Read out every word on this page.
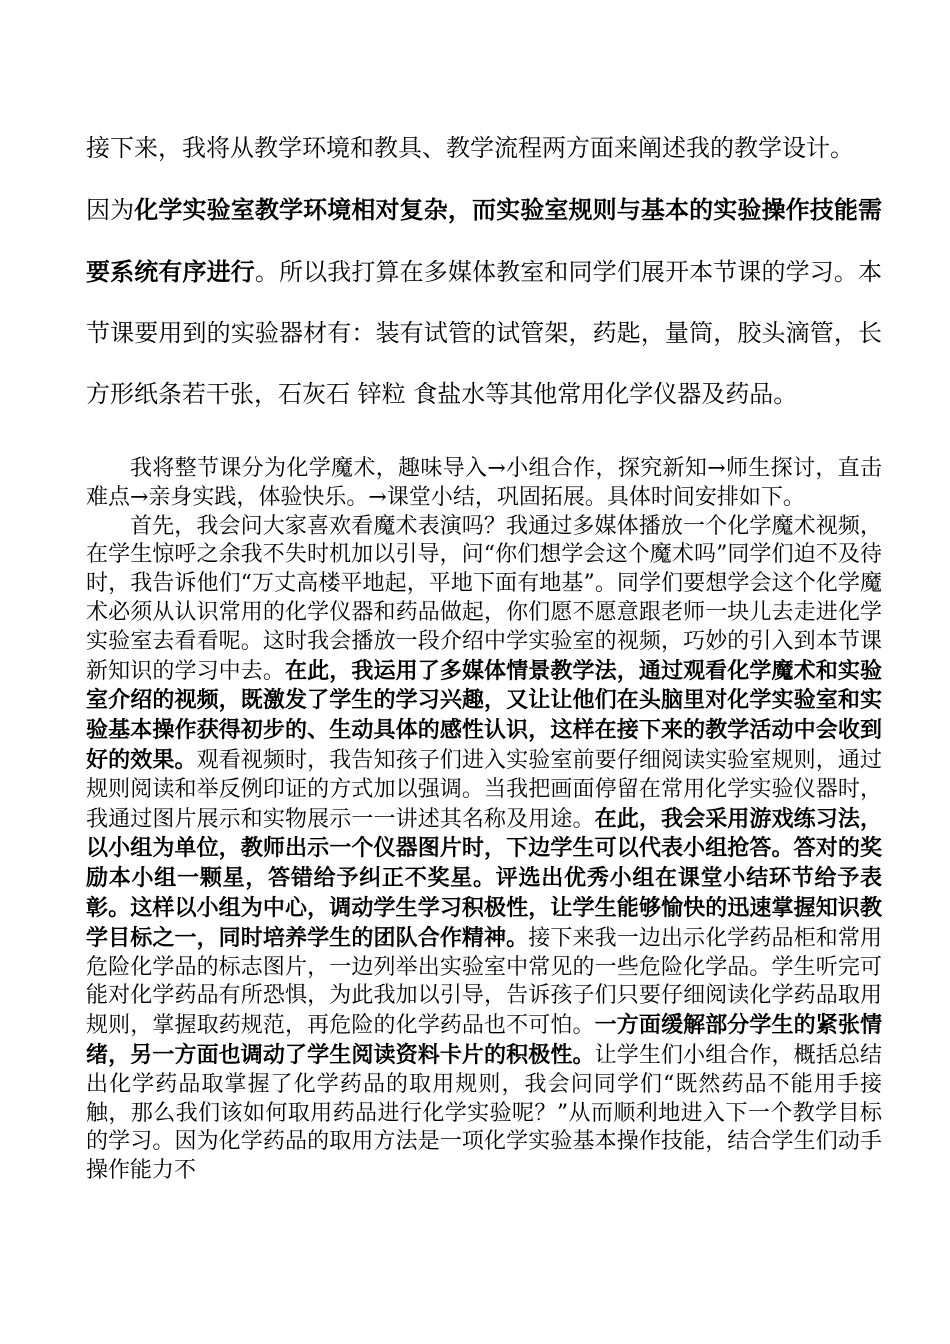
接下来，我将从教学环境和教具、教学流程两方面来阐述我的教学设计。

因为化学实验室教学环境相对复杂，而实验室规则与基本的实验操作技能需要系统有序进行。所以我打算在多媒体教室和同学们展开本节课的学习。本节课要用到的实验器材有：装有试管的试管架，药匙，量筒，胶头滴管，长方形纸条若干张，石灰石 锌粒 食盐水等其他常用化学仪器及药品。

我将整节课分为化学魔术，趣味导入→小组合作，探究新知→师生探讨，直击难点→亲身实践，体验快乐。→课堂小结，巩固拓展。具体时间安排如下。

首先，我会问大家喜欢看魔术表演吗？我通过多媒体播放一个化学魔术视频，在学生惊呼之余我不失时机加以引导，问“你们想学会这个魔术吗”同学们迫不及待时，我告诉他们“万丈高楼平地起，平地下面有地基”。同学们要想学会这个化学魔术必须从认识常用的化学仪器和药品做起，你们愿不愿意跟老师一块儿去走进化学实验室去看看呢。这时我会播放一段介绍中学实验室的视频，巧妙的引入到本节课新知识的学习中去。在此，我运用了多媒体情景教学法，通过观看化学魔术和实验室介绍的视频，既激发了学生的学习兴趣，又让让他们在头脑里对化学实验室和实验基本操作获得初步的、生动具体的感性认识，这样在接下来的教学活动中会收到好的效果。观看视频时，我告知孩子们进入实验室前要仔细阅读实验室规则，通过规则阅读和举反例印证的方式加以强调。当我把画面停留在常用化学实验仪器时，我通过图片展示和实物展示一一讲述其名称及用途。在此，我会采用游戏练习法，以小组为单位，教师出示一个仪器图片时，下边学生可以代表小组抢答。答对的奖励本小组一颗星，答错给予纠正不奖星。评选出优秀小组在课堂小结环节给予表彰。这样以小组为中心，调动学生学习积极性，让学生能够愉快的迅速掌握知识教学目标之一，同时培养学生的团队合作精神。接下来我一边出示化学药品柜和常用危险化学品的标志图片，一边列举出实验室中常见的一些危险化学品。学生听完可能对化学药品有所恐惧，为此我加以引导，告诉孩子们只要仔细阅读化学药品取用规则，掌握取药规范，再危险的化学药品也不可怕。一方面缓解部分学生的紧张情绪，另一方面也调动了学生阅读资料卡片的积极性。让学生们小组合作，概括总结出化学药品取掌握了化学药品的取用规则，我会问同学们“既然药品不能用手接触，那么我们该如何取用药品进行化学实验呢？”从而顺利地进入下一个教学目标的学习。因为化学药品的取用方法是一项化学实验基本操作技能，结合学生们动手操作能力不
